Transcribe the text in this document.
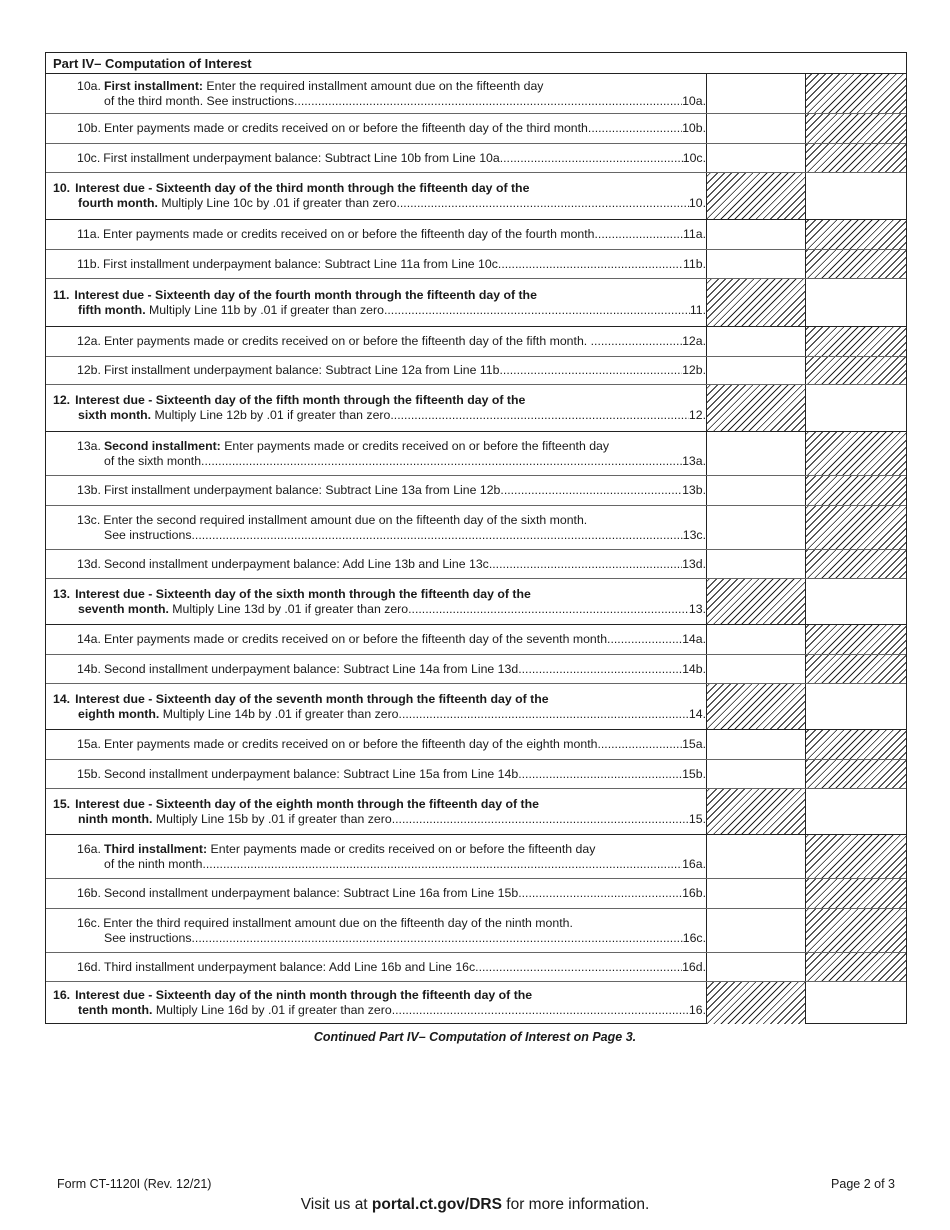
Part IV– Computation of Interest
10a. First installment: Enter the required installment amount due on the fifteenth day
of the third month. See instructions. .....	10a.
10b. Enter payments made or credits received on or before the fifteenth day of the third month. .....	10b.
10c. First installment underpayment balance: Subtract Line 10b from Line 10a. .....	10c.
10. Interest due - Sixteenth day of the third month through the fifteenth day of the
fourth month. Multiply Line 10c by .01 if greater than zero. .....	10.
11a. Enter payments made or credits received on or before the fifteenth day of the fourth month. .....	11a.
11b. First installment underpayment balance: Subtract Line 11a from Line 10c. .....	11b.
11. Interest due - Sixteenth day of the fourth month through the fifteenth day of the
fifth month. Multiply Line 11b by .01 if greater than zero. .....	11.
12a. Enter payments made or credits received on or before the fifteenth day of the fifth month. . .....	12a.
12b. First installment underpayment balance: Subtract Line 12a from Line 11b. .....	12b.
12. Interest due - Sixteenth day of the fifth month through the fifteenth day of the
sixth month. Multiply Line 12b by .01 if greater than zero. .....	12.
13a. Second installment: Enter payments made or credits received on or before the fifteenth day
of the sixth month. .....	13a.
13b. First installment underpayment balance: Subtract Line 13a from Line 12b. .....	13b.
13c. Enter the second required installment amount due on the fifteenth day of the sixth month.
See instructions. .....	13c.
13d. Second installment underpayment balance: Add Line 13b and Line 13c. .....	13d.
13. Interest due - Sixteenth day of the sixth month through the fifteenth day of the
seventh month. Multiply Line 13d by .01 if greater than zero. .....	13.
14a. Enter payments made or credits received on or before the fifteenth day of the seventh month. .....	14a.
14b. Second installment underpayment balance: Subtract Line 14a from Line 13d. .....	14b.
14. Interest due - Sixteenth day of the seventh month through the fifteenth day of the
eighth month. Multiply Line 14b by .01 if greater than zero. .....	14.
15a. Enter payments made or credits received on or before the fifteenth day of the eighth month. .....	15a.
15b. Second installment underpayment balance: Subtract Line 15a from Line 14b. .....	15b.
15. Interest due - Sixteenth day of the eighth month through the fifteenth day of the
ninth month. Multiply Line 15b by .01 if greater than zero. .....	15.
16a. Third installment: Enter payments made or credits received on or before the fifteenth day
of the ninth month. .....	16a.
16b. Second installment underpayment balance: Subtract Line 16a from Line 15b. .....	16b.
16c. Enter the third required installment amount due on the fifteenth day of the ninth month.
See instructions. .....	16c.
16d. Third installment underpayment balance: Add Line 16b and Line 16c. .....	16d.
16. Interest due - Sixteenth day of the ninth month through the fifteenth day of the
tenth month. Multiply Line 16d by .01 if greater than zero. .....	16.
Continued Part IV– Computation of Interest on Page 3.
Form CT-1120I (Rev. 12/21)	Page 2 of 3
Visit us at portal.ct.gov/DRS for more information.
